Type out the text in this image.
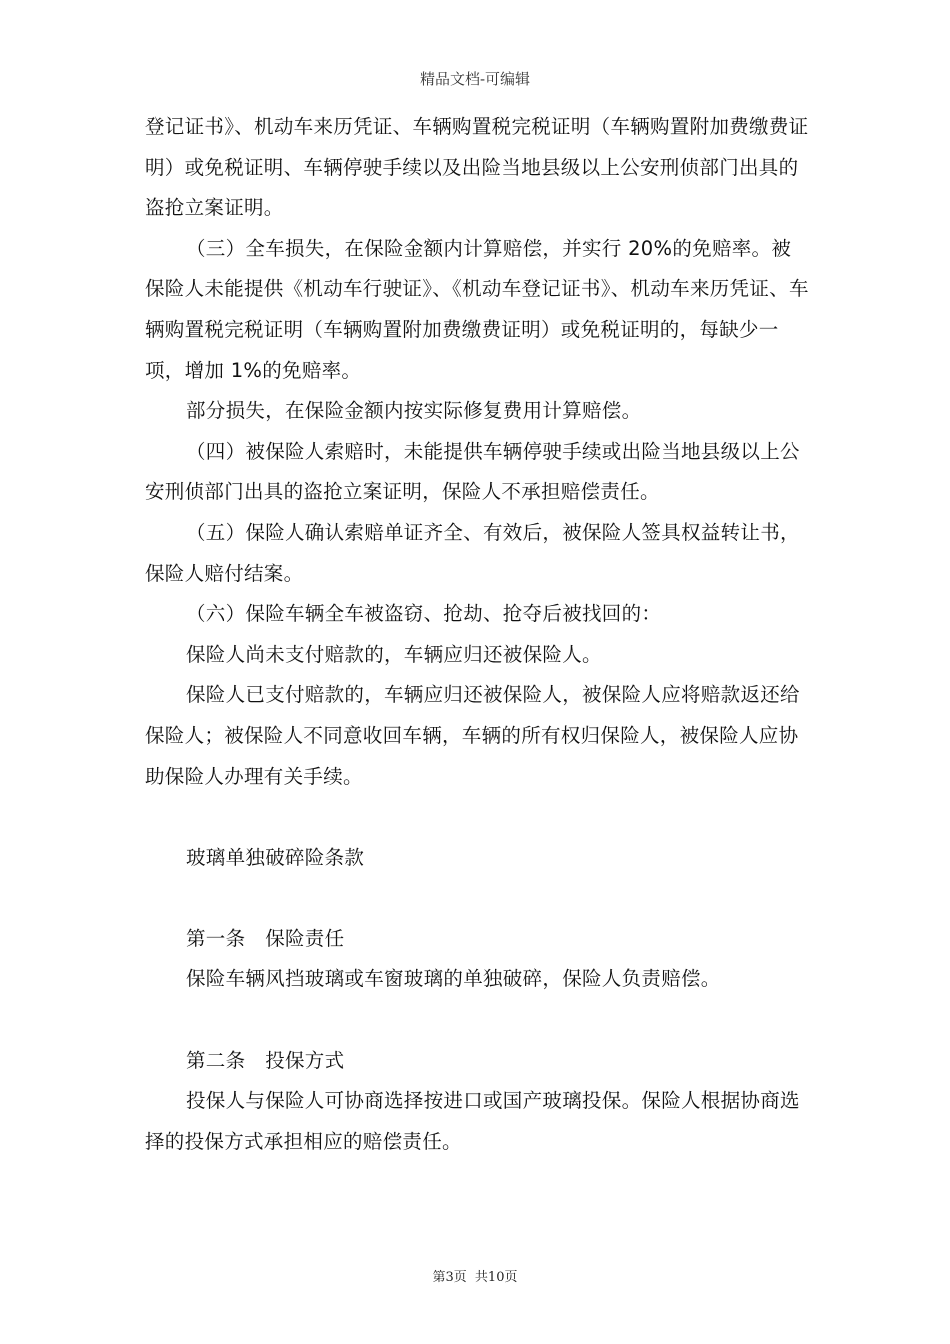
精品文档-可编辑

登记证书》、机动车来历凭证、车辆购置税完税证明（车辆购置附加费缴费证明）或免税证明、车辆停驶手续以及出险当地县级以上公安刑侦部门出具的盗抢立案证明。

（三）全车损失，在保险金额内计算赔偿，并实行 20%的免赔率。被保险人未能提供《机动车行驶证》、《机动车登记证书》、机动车来历凭证、车辆购置税完税证明（车辆购置附加费缴费证明）或免税证明的，每缺少一项，增加 1%的免赔率。

部分损失，在保险金额内按实际修复费用计算赔偿。

（四）被保险人索赔时，未能提供车辆停驶手续或出险当地县级以上公安刑侦部门出具的盗抢立案证明，保险人不承担赔偿责任。

（五）保险人确认索赔单证齐全、有效后，被保险人签具权益转让书，保险人赔付结案。

（六）保险车辆全车被盗窃、抢劫、抢夺后被找回的：

保险人尚未支付赔款的，车辆应归还被保险人。

保险人已支付赔款的，车辆应归还被保险人，被保险人应将赔款返还给保险人；被保险人不同意收回车辆，车辆的所有权归保险人，被保险人应协助保险人办理有关手续。

玻璃单独破碎险条款

第一条　保险责任

保险车辆风挡玻璃或车窗玻璃的单独破碎，保险人负责赔偿。

第二条　投保方式

投保人与保险人可协商选择按进口或国产玻璃投保。保险人根据协商选择的投保方式承担相应的赔偿责任。

第3页 共10页
